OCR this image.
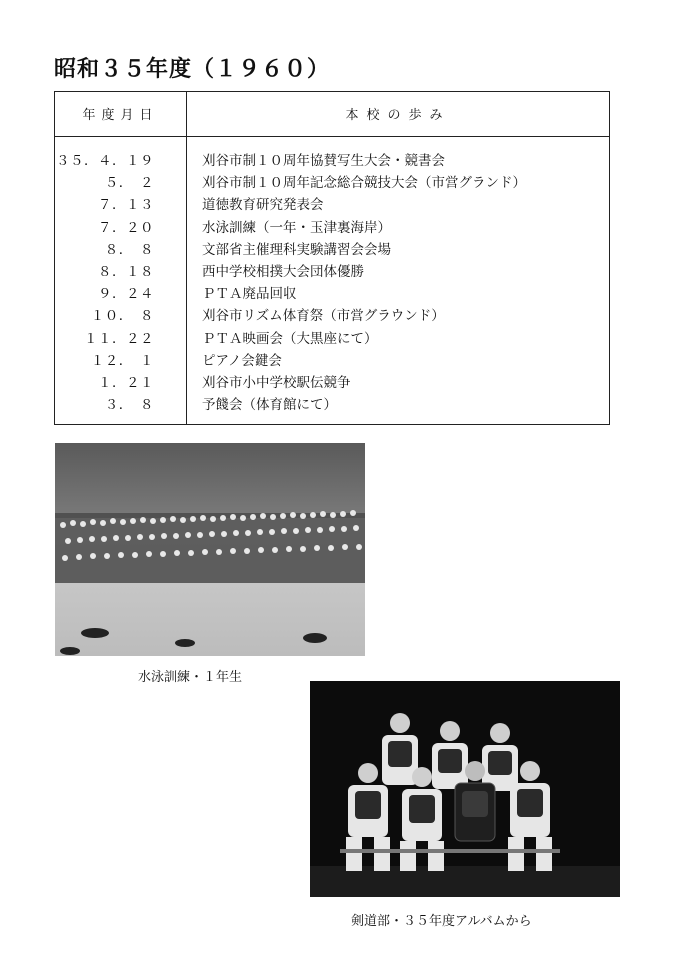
昭和３５年度（１９６０）
年度月日	本校の歩み
３５．４．１９	刈谷市制１０周年協賛写生大会・競書会
５．　２	刈谷市制１０周年記念総合競技大会（市営グランド）
７．１３	道徳教育研究発表会
７．２０	水泳訓練（一年・玉津裏海岸）
８．　８	文部省主催理科実験講習会会場
８．１８	西中学校相撲大会団体優勝
９．２４	ＰＴＡ廃品回収
１０．　８	刈谷市リズム体育祭（市営グラウンド）
１１．２２	ＰＴＡ映画会（大黒座にて）
１２．　１	ピアノ会鍵会
１．２１	刈谷市小中学校駅伝競争
３．　８	予餞会（体育館にて）
水泳訓練・１年生
剣道部・３５年度アルバムから
